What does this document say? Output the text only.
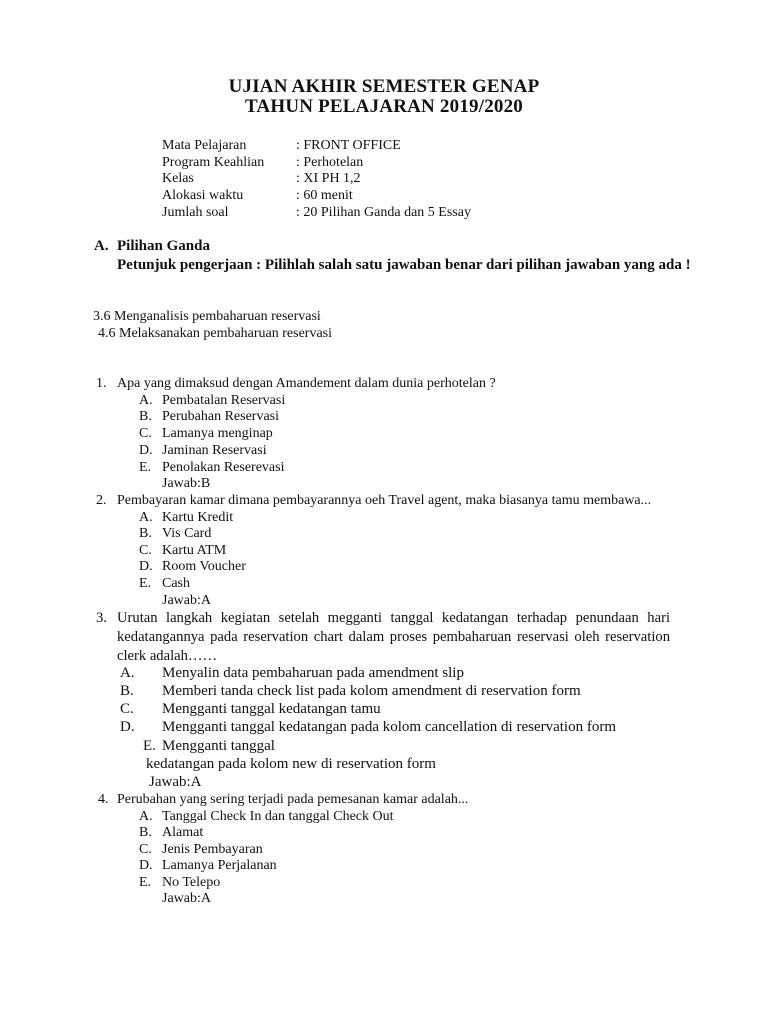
UJIAN AKHIR SEMESTER GENAP
TAHUN PELAJARAN 2019/2020
Mata Pelajaran	: FRONT OFFICE
Program Keahlian : Perhotelan
Kelas	: XI PH 1,2
Alokasi waktu	: 60 menit
Jumlah soal	: 20 Pilihan Ganda dan 5 Essay
A. Pilihan Ganda
Petunjuk pengerjaan : Pilihlah salah satu jawaban benar dari pilihan jawaban yang ada !
3.6 Menganalisis pembaharuan reservasi
4.6 Melaksanakan pembaharuan reservasi
1. Apa yang dimaksud dengan Amandement dalam dunia perhotelan ?
A. Pembatalan Reservasi
B. Perubahan Reservasi
C. Lamanya menginap
D. Jaminan Reservasi
E. Penolakan Reserevasi
Jawab:B
2. Pembayaran kamar dimana pembayarannya oeh Travel agent, maka biasanya tamu membawa...
A. Kartu Kredit
B. Vis Card
C. Kartu ATM
D. Room Voucher
E. Cash
Jawab:A
3. Urutan langkah kegiatan setelah megganti tanggal kedatangan terhadap penundaan hari kedatangannya pada reservation chart dalam proses pembaharuan reservasi oleh reservation clerk adalah……
A. Menyalin data pembaharuan pada amendment slip
B. Memberi tanda check list pada kolom amendment di reservation form
C. Mengganti tanggal kedatangan tamu
D. Mengganti tanggal kedatangan pada kolom cancellation di reservation form
E. Mengganti tanggal
kedatangan pada kolom new di reservation form
Jawab:A
4. Perubahan yang sering terjadi pada pemesanan kamar adalah...
A. Tanggal Check In dan tanggal Check Out
B. Alamat
C. Jenis Pembayaran
D. Lamanya Perjalanan
E. No Telepo
Jawab:A
